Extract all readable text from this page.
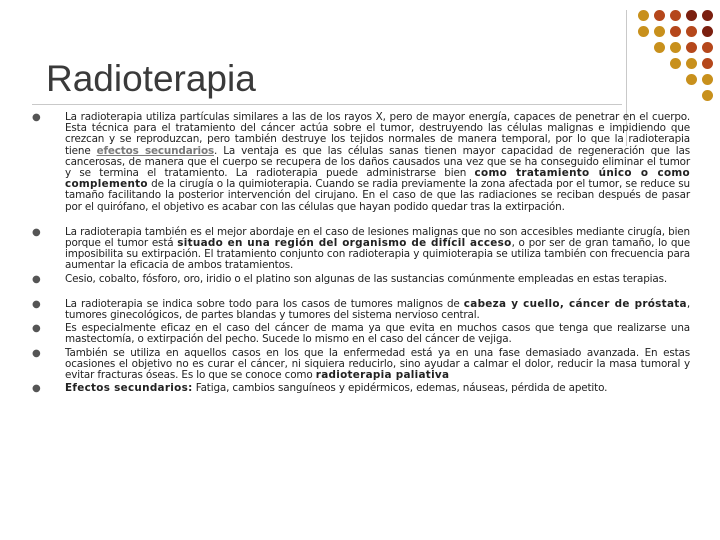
Radioterapia
● La radioterapia utiliza partículas similares a las de los rayos X, pero de mayor energía, capaces de penetrar en el cuerpo. Esta técnica para el tratamiento del cáncer actúa sobre el tumor, destruyendo las células malignas e impidiendo que crezcan y se reproduzcan, pero también destruye los tejidos normales de manera temporal, por lo que la radioterapia tiene efectos secundarios. La ventaja es que las células sanas tienen mayor capacidad de regeneración que las cancerosas, de manera que el cuerpo se recupera de los daños causados una vez que se ha conseguido eliminar el tumor y se termina el tratamiento. La radioterapia puede administrarse bien como tratamiento único o como complemento de la cirugía o la quimioterapia. Cuando se radia previamente la zona afectada por el tumor, se reduce su tamaño facilitando la posterior intervención del cirujano. En el caso de que las radiaciones se reciban después de pasar por el quirófano, el objetivo es acabar con las células que hayan podido quedar tras la extirpación.
● La radioterapia también es el mejor abordaje en el caso de lesiones malignas que no son accesibles mediante cirugía, bien porque el tumor está situado en una región del organismo de difícil acceso, o por ser de gran tamaño, lo que imposibilita su extirpación. El tratamiento conjunto con radioterapia y quimioterapia se utiliza también con frecuencia para aumentar la eficacia de ambos tratamientos.
● Cesio, cobalto, fósforo, oro, iridio o el platino son algunas de las sustancias comúnmente empleadas en estas terapias.
● La radioterapia se indica sobre todo para los casos de tumores malignos de cabeza y cuello, cáncer de próstata, tumores ginecológicos, de partes blandas y tumores del sistema nervioso central.
● Es especialmente eficaz en el caso del cáncer de mama ya que evita en muchos casos que tenga que realizarse una mastectomía, o extirpación del pecho. Sucede lo mismo en el caso del cáncer de vejiga.
● También se utiliza en aquellos casos en los que la enfermedad está ya en una fase demasiado avanzada. En estas ocasiones el objetivo no es curar el cáncer, ni siquiera reducirlo, sino ayudar a calmar el dolor, reducir la masa tumoral y evitar fracturas óseas. Es lo que se conoce como radioterapia paliativa
● Efectos secundarios: Fatiga, cambios sanguíneos y epidérmicos, edemas, náuseas, pérdida de apetito.
